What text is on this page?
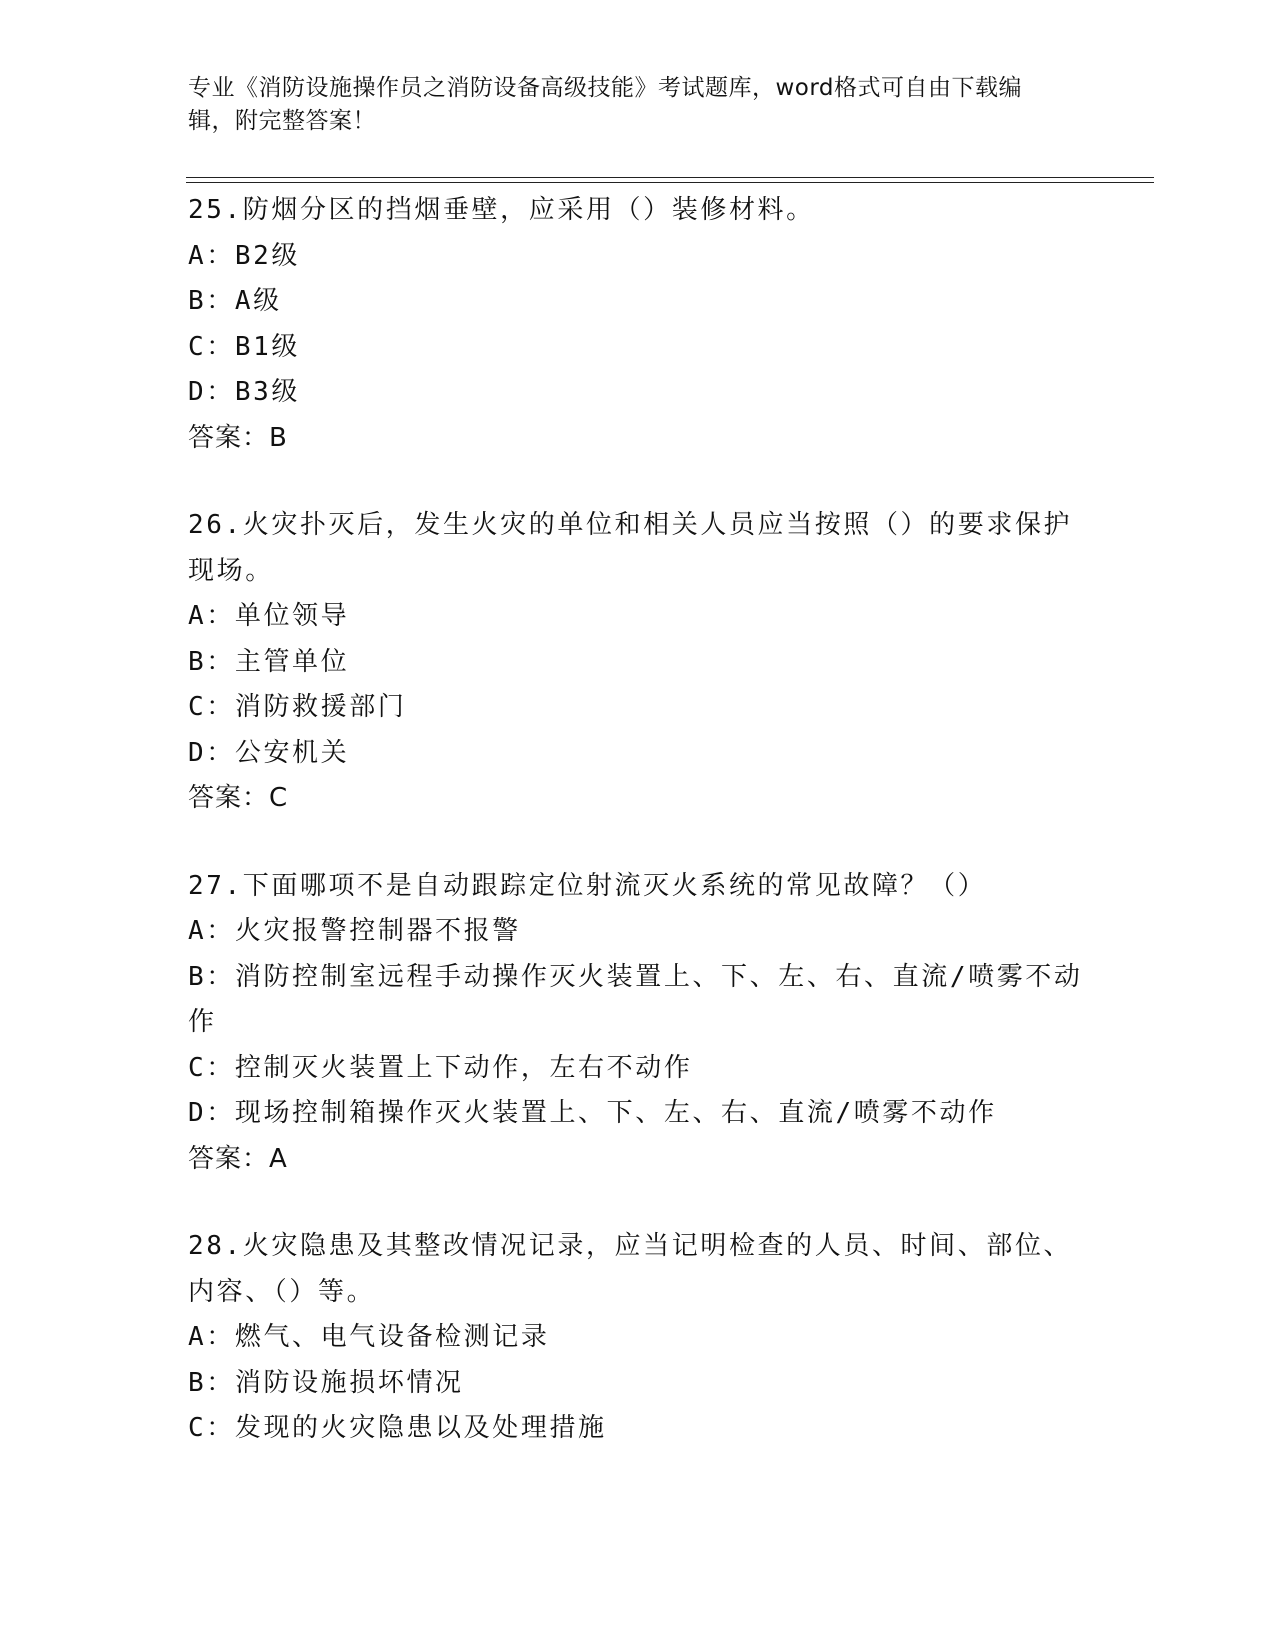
专业《消防设施操作员之消防设备高级技能》考试题库，word格式可自由下载编辑，附完整答案！

25.防烟分区的挡烟垂壁，应采用（）装修材料。

A：B2级

B：A级

C：B1级

D：B3级

答案：B

26.火灾扑灭后，发生火灾的单位和相关人员应当按照（）的要求保护现场。

A：单位领导

B：主管单位

C：消防救援部门

D：公安机关

答案：C

27.下面哪项不是自动跟踪定位射流灭火系统的常见故障？（）

A：火灾报警控制器不报警

B：消防控制室远程手动操作灭火装置上、下、左、右、直流/喷雾不动作

C：控制灭火装置上下动作，左右不动作

D：现场控制箱操作灭火装置上、下、左、右、直流/喷雾不动作

答案：A

28.火灾隐患及其整改情况记录，应当记明检查的人员、时间、部位、内容、（）等。

A：燃气、电气设备检测记录

B：消防设施损坏情况

C：发现的火灾隐患以及处理措施
